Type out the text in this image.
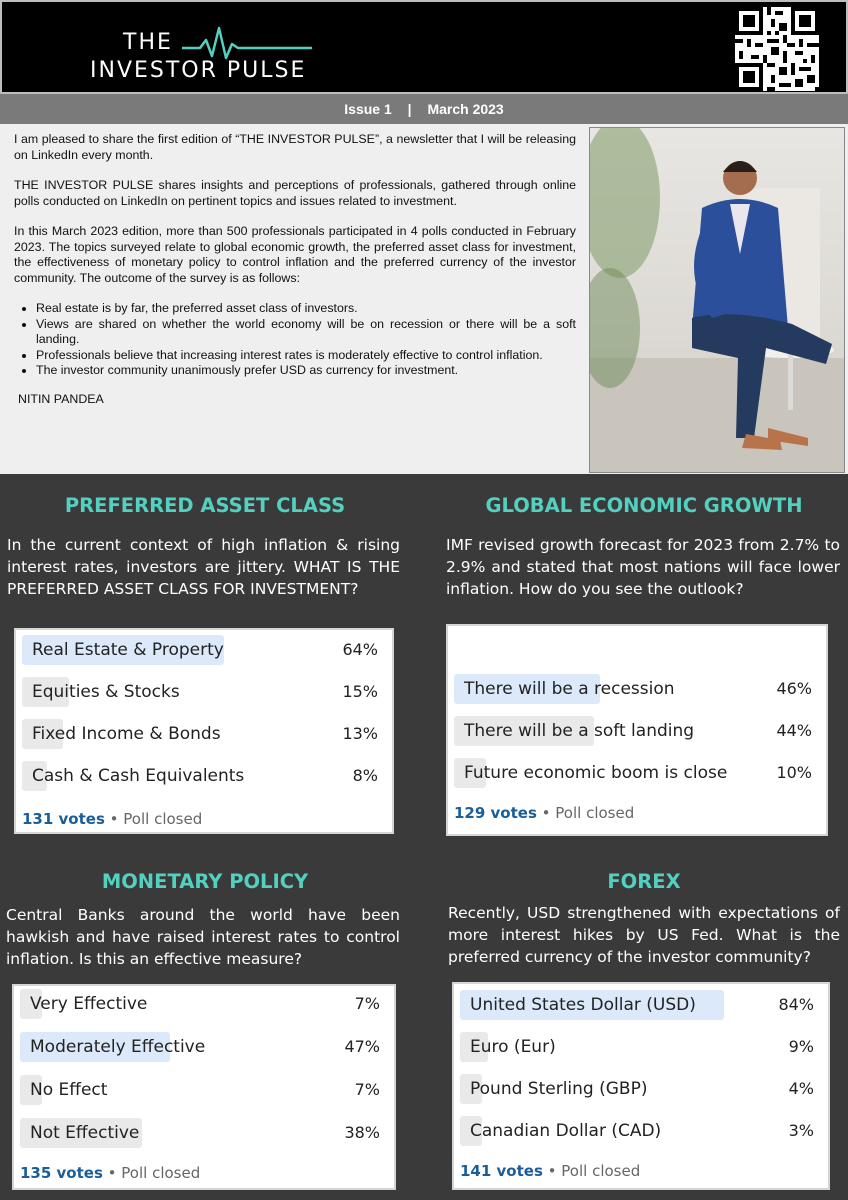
THE
INVESTOR PULSE
Issue 1 | March 2023

I am pleased to share the first edition of “THE INVESTOR PULSE”, a newsletter that I will be releasing on LinkedIn every month.

THE INVESTOR PULSE shares insights and perceptions of professionals, gathered through online polls conducted on LinkedIn on pertinent topics and issues related to investment.

In this March 2023 edition, more than 500 professionals participated in 4 polls conducted in February 2023. The topics surveyed relate to global economic growth, the preferred asset class for investment, the effectiveness of monetary policy to control inflation and the preferred currency of the investor community. The outcome of the survey is as follows:

• Real estate is by far, the preferred asset class of investors.
• Views are shared on whether the world economy will be on recession or there will be a soft landing.
• Professionals believe that increasing interest rates is moderately effective to control inflation.
• The investor community unanimously prefer USD as currency for investment.
NITIN PANDEA
PREFERRED ASSET CLASS
In the current context of high inflation & rising interest rates, investors are jittery. WHAT IS THE PREFERRED ASSET CLASS FOR INVESTMENT?
Real Estate & Property	64%
Equities & Stocks	15%
Fixed Income & Bonds	13%
Cash & Cash Equivalents	8%
131 votes • Poll closed
GLOBAL ECONOMIC GROWTH
IMF revised growth forecast for 2023 from 2.7% to 2.9% and stated that most nations will face lower inflation. How do you see the outlook?
There will be a recession	46%
There will be a soft landing	44%
Future economic boom is close	10%
129 votes • Poll closed
MONETARY POLICY
Central Banks around the world have been hawkish and have raised interest rates to control inflation. Is this an effective measure?
Very Effective	7%
Moderately Effective	47%
No Effect	7%
Not Effective	38%
135 votes • Poll closed
FOREX
Recently, USD strengthened with expectations of more interest hikes by US Fed. What is the preferred currency of the investor community?
United States Dollar (USD)	84%
Euro (Eur)	9%
Pound Sterling (GBP)	4%
Canadian Dollar (CAD)	3%
141 votes • Poll closed
